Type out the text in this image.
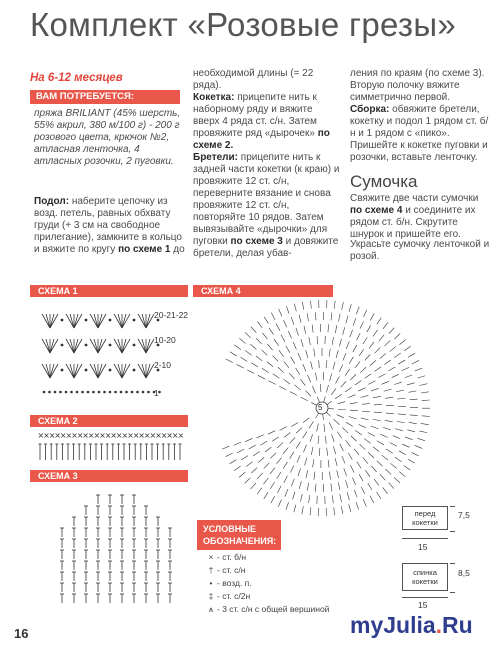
Комплект «Розовые грезы»
На 6-12 месяцев
ВАМ ПОТРЕБУЕТСЯ:
пряжа BRILIANT (45% шерсть, 55% акрил, 380 м/100 г) - 200 г розового цвета, крючок №2, атласная ленточка, 4 атласных розочки, 2 пуговки.
Подол: наберите цепочку из возд. петель, равных обхвату груди (+ 3 см на свободное прилегание), замкните в кольцо и вяжите по кругу по схеме 1 до
необходимой длины (= 22 ряда).
Кокетка: прицепите нить к наборному ряду и вяжите вверх 4 ряда ст. с/н. Затем провяжите ряд «дырочек» по схеме 2.
Бретели: прицепите нить к задней части кокетки (к краю) и провяжите 12 ст. с/н, переверните вязание и снова провяжите 12 ст. с/н, повторяйте 10 рядов. Затем вывязывайте «дырочки» для пуговки по схеме 3 и довяжите бретели, делая убав-
ления по краям (по схеме 3). Вторую полочку вяжите симметрично первой.
Сборка: обвяжите бретели, кокетку и подол 1 рядом ст. б/н и 1 рядом с «пико». Пришейте к кокетке пуговки и розочки, вставьте ленточку.
Сумочка
Свяжите две части сумочки по схеме 4 и соедините их рядом ст. б/н. Скрутите шнурок и пришейте его.
Украсьте сумочку ленточкой и розой.
СХЕМА 1
СХЕМА 2
СХЕМА 3
СХЕМА 4
20-21-22
10-20
2-10
1
×
×
×
×
×
×
×
×
×
×
×
×
×
×
×
×
×
×
×
×
×
×
×
×
×
×
5
УСЛОВНЫЕ
ОБОЗНАЧЕНИЯ:
× - ст. б/н
† - ст. с/н
• - возд. п.
‡ - ст. с/2н
⩚ - 3 ст. с/н с общей вершиной
перед кокетки
7,5
15
спинка кокетки
8,5
15
16	myJulia.Ru
